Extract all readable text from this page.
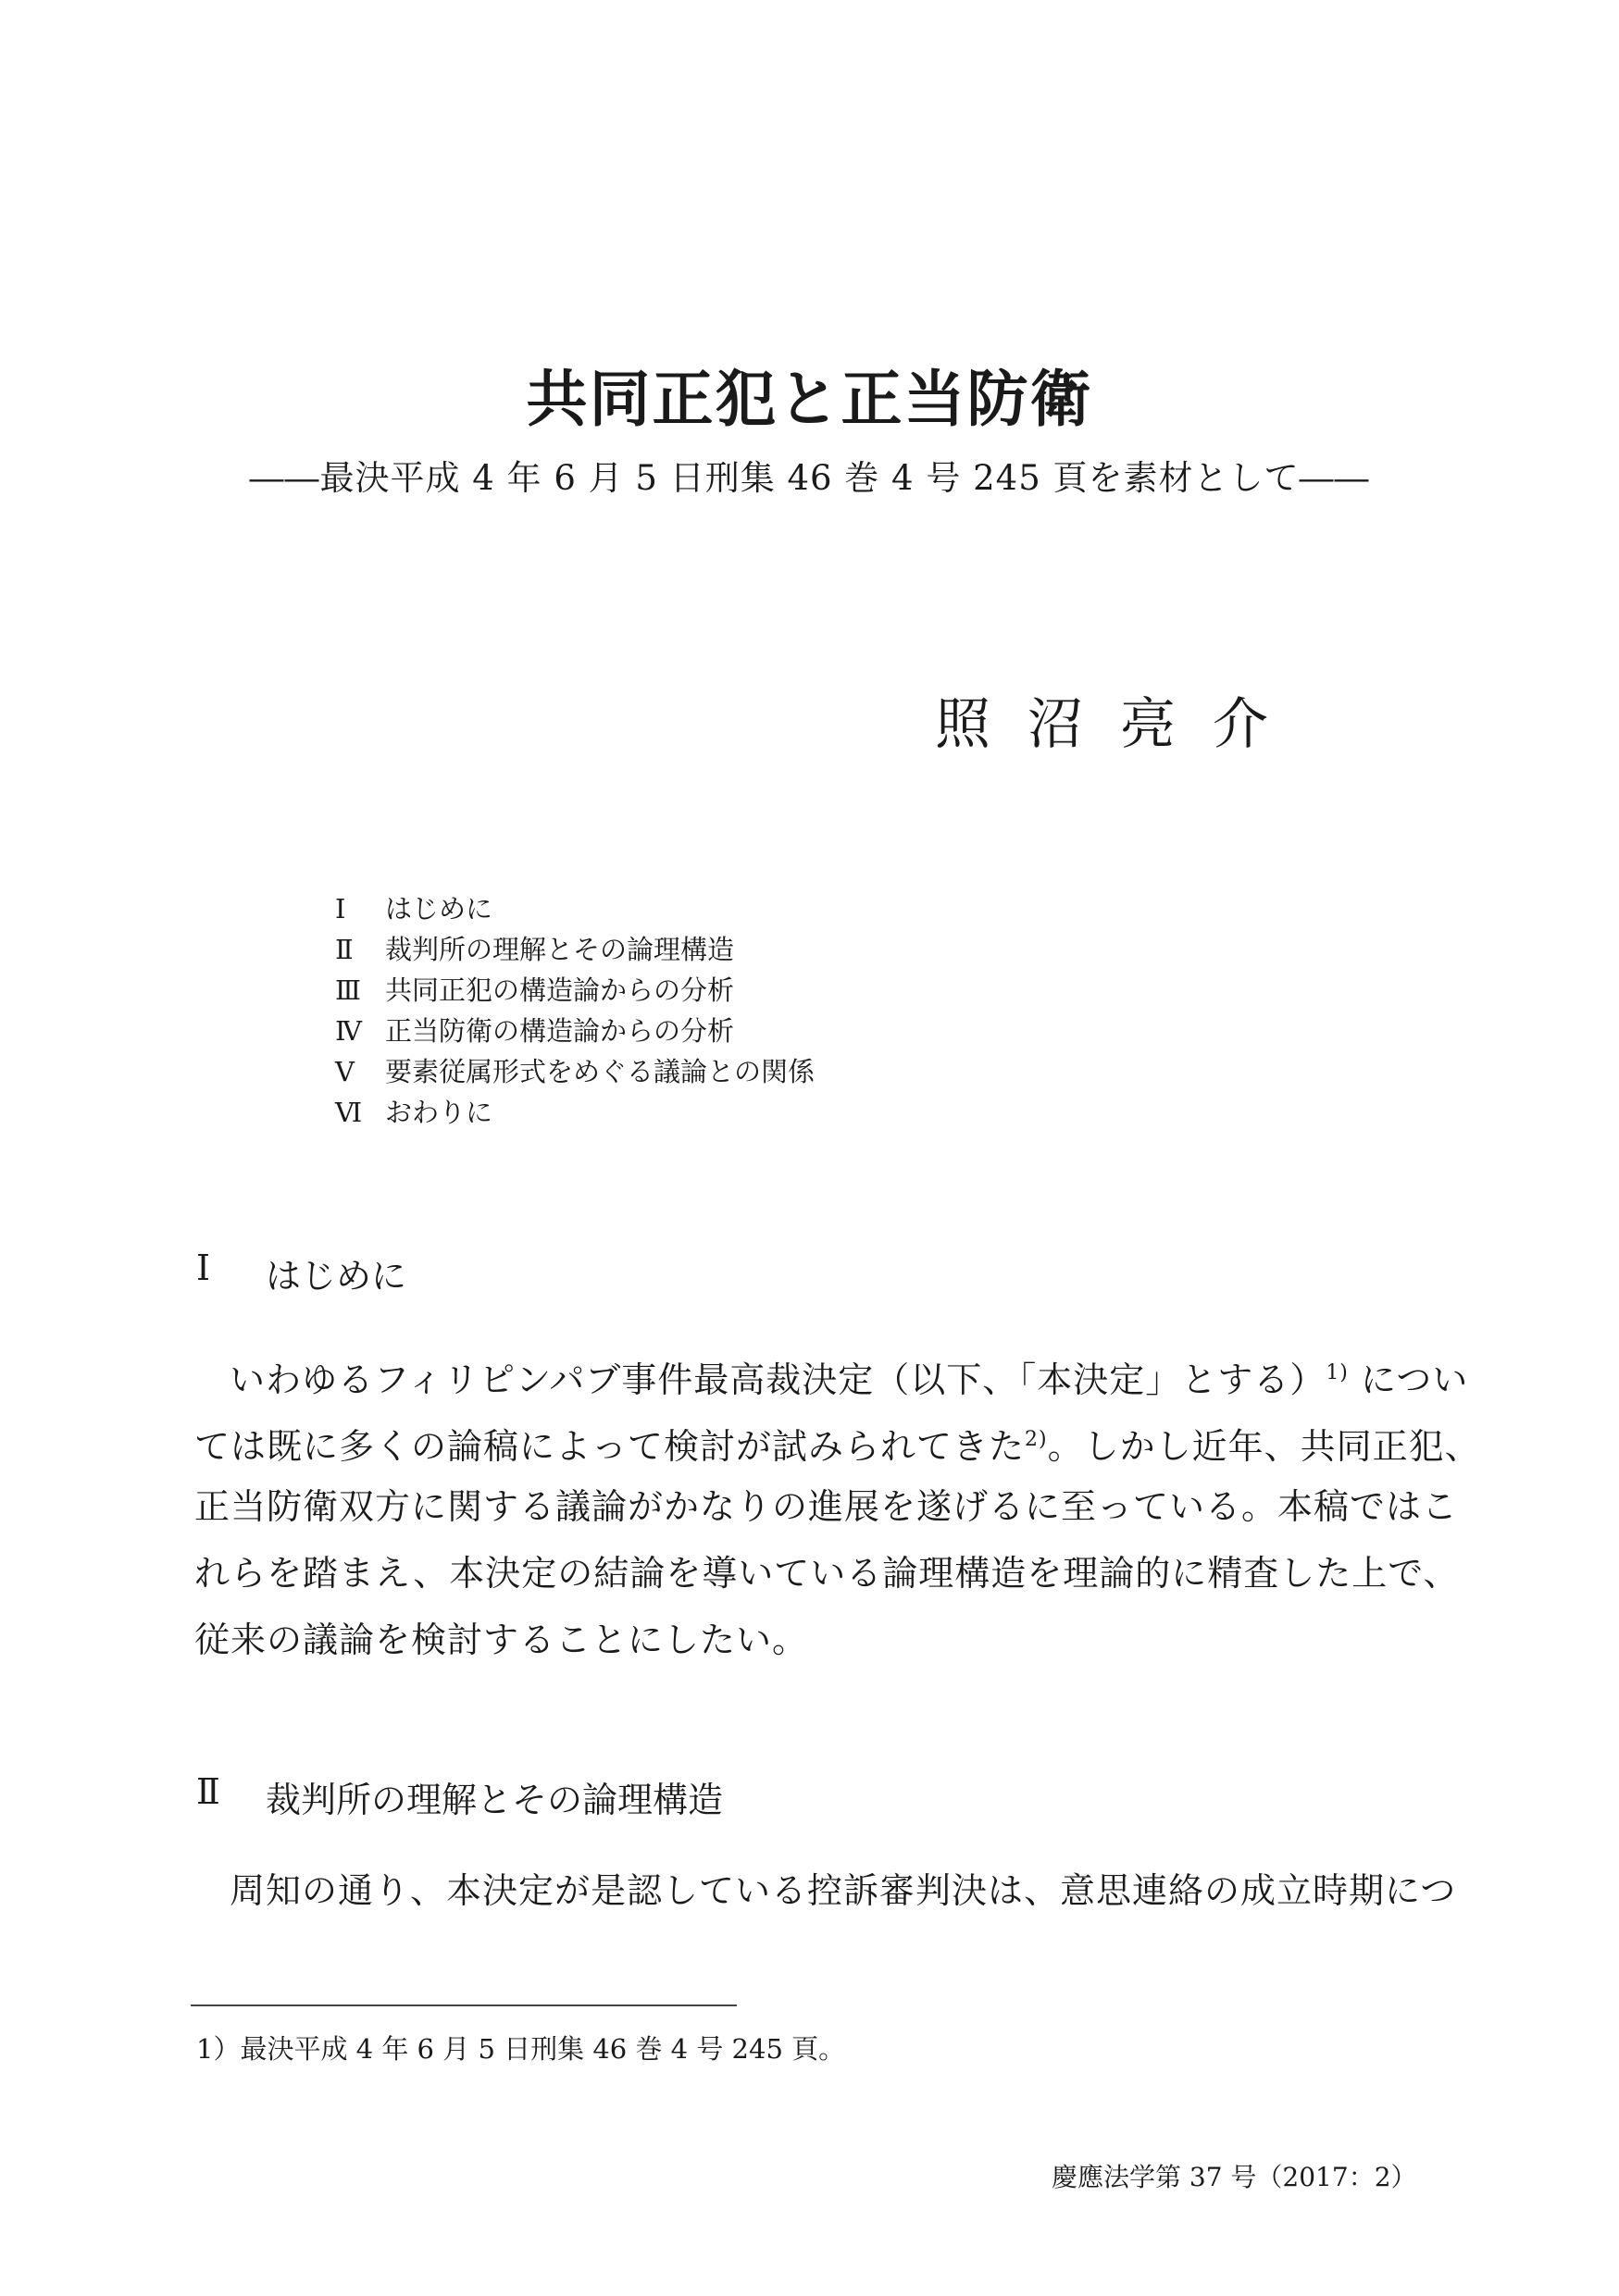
共同正犯と正当防衛
――最決平成 4 年 6 月 5 日刑集 46 巻 4 号 245 頁を素材として――
照沼亮介
Ⅰ	はじめに
Ⅱ	裁判所の理解とその論理構造
Ⅲ 共同正犯の構造論からの分析
Ⅳ 正当防衛の構造論からの分析
Ⅴ	要素従属形式をめぐる議論との関係
Ⅵ おわりに
Ⅰ	はじめに
いわゆるフィリピンパブ事件最高裁決定（以下、「本決定」とする）$^{1)}$ につい
ては既に多くの論稿によって検討が試みられてきた$^{2)}$。しかし近年、共同正犯、
正当防衛双方に関する議論がかなりの進展を遂げるに至っている。本稿ではこ
れらを踏まえ、本決定の結論を導いている論理構造を理論的に精査した上で、
従来の議論を検討することにしたい。
Ⅱ	裁判所の理解とその論理構造
周知の通り、本決定が是認している控訴審判決は、意思連絡の成立時期につ
1）最決平成 4 年 6 月 5 日刑集 46 巻 4 号 245 頁。
慶應法学第 37 号（2017：2）
